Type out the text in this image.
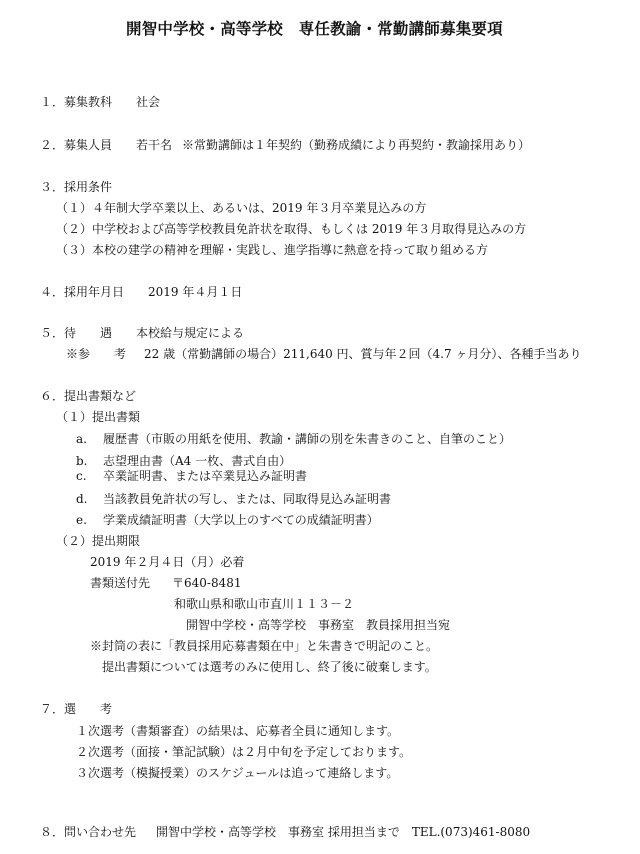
開智中学校・高等学校　専任教諭・常勤講師募集要項
１．募集教科 社会
２．募集人員 若干名 ※常勤講師は１年契約（勤務成績により再契約・教諭採用あり）
３．採用条件
（１）４年制大学卒業以上、あるいは、2019 年３月卒業見込みの方
（２）中学校および高等学校教員免許状を取得、もしくは 2019 年３月取得見込みの方
（３）本校の建学の精神を理解・実践し、進学指導に熱意を持って取り組める方
４．採用年月日 2019 年４月１日
５．待　　遇 本校給与規定による
※参　　考 22 歳（常勤講師の場合）211,640 円、賞与年２回（4.7 ヶ月分）、各種手当あり
６．提出書類など
（１）提出書類
a. 履歴書（市販の用紙を使用、教諭・講師の別を朱書きのこと、自筆のこと）
b. 志望理由書（A4 一枚、書式自由）
c. 卒業証明書、または卒業見込み証明書
d. 当該教員免許状の写し、または、同取得見込み証明書
e. 学業成績証明書（大学以上のすべての成績証明書）
（２）提出期限
2019 年２月４日（月）必着
書類送付先 〒640-8481
和歌山県和歌山市直川１１３－２
開智中学校・高等学校　事務室　教員採用担当宛
※封筒の表に「教員採用応募書類在中」と朱書きで明記のこと。
提出書類については選考のみに使用し、終了後に破棄します。
７．選　　考
１次選考（書類審査）の結果は、応募者全員に通知します。
２次選考（面接・筆記試験）は２月中旬を予定しております。
３次選考（模擬授業）のスケジュールは追って連絡します。
８．問い合わせ先 開智中学校・高等学校　事務室 採用担当まで　TEL.(073)461-8080
